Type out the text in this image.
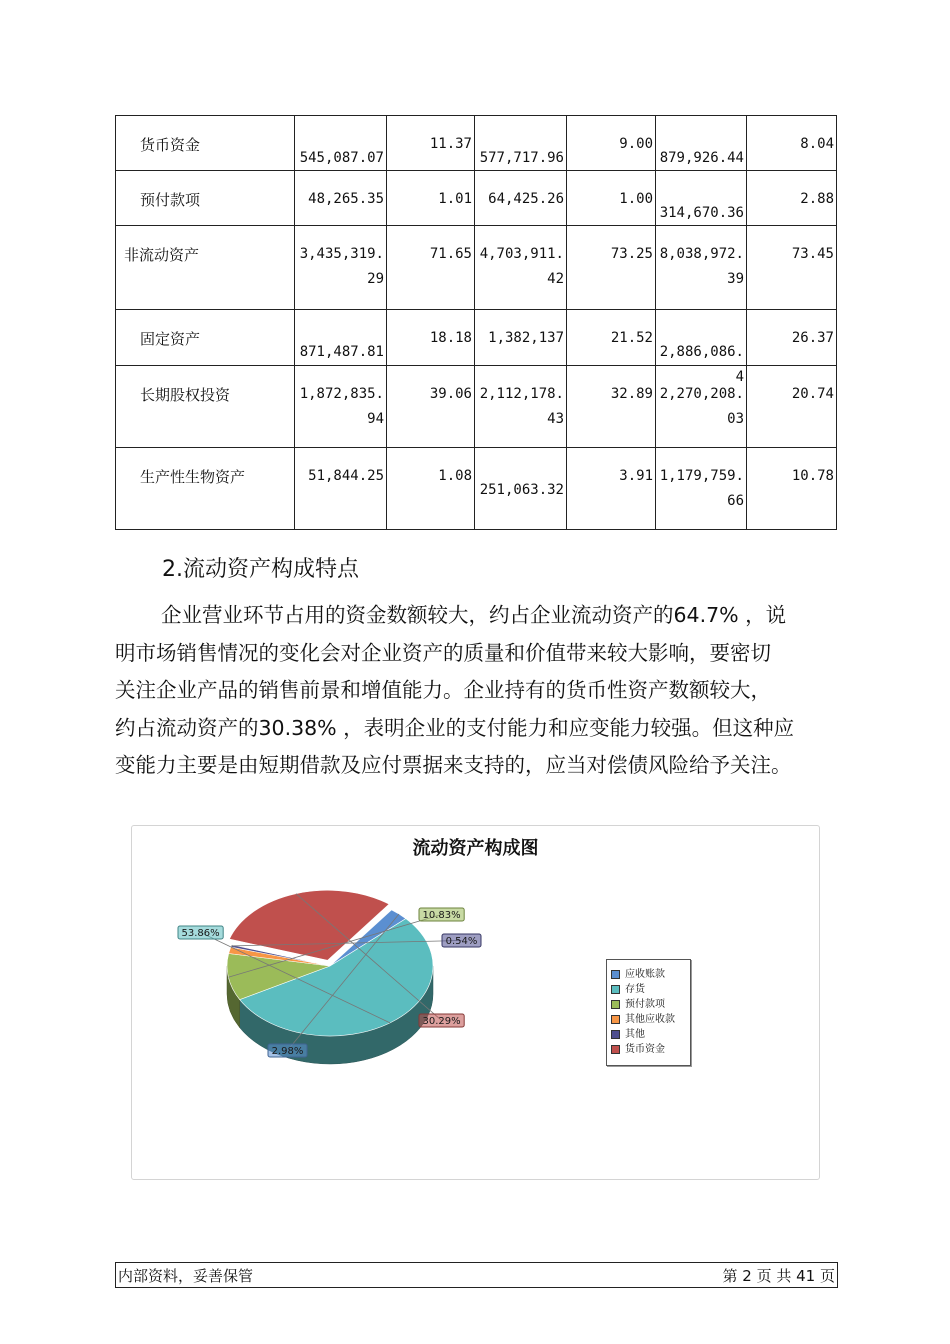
货币资金	545,087.07	11.37	577,717.96	9.00	879,926.44	8.04

预付款项	48,265.35	1.01	64,425.26	1.00	314,670.36	2.88

非流动资产	3,435,319.29	71.65	4,703,911.42	73.25	8,038,972.39	73.45

固定资产	871,487.81	18.18	1,382,137	21.52	2,886,086.4	26.37

长期股权投资	1,872,835.94	39.06	2,112,178.43	32.89	2,270,208.03	20.74

生产性生物资产	51,844.25	1.08	251,063.32	3.91	1,179,759.66	10.78
2.流动资产构成特点
企业营业环节占用的资金数额较大，约占企业流动资产的64.7% ，说
明市场销售情况的变化会对企业资产的质量和价值带来较大影响，要密切
关注企业产品的销售前景和增值能力。企业持有的货币性资产数额较大，
约占流动资产的30.38% ，表明企业的支付能力和应变能力较强。但这种应
变能力主要是由短期借款及应付票据来支持的，应当对偿债风险给予关注。
流动资产构成图
2.98%
53.86%
10.83%
0.54%
30.29%
应收账款
存货
预付款项
其他应收款
其他
货币资金
内部资料，妥善保管	第 2 页 共 41 页
